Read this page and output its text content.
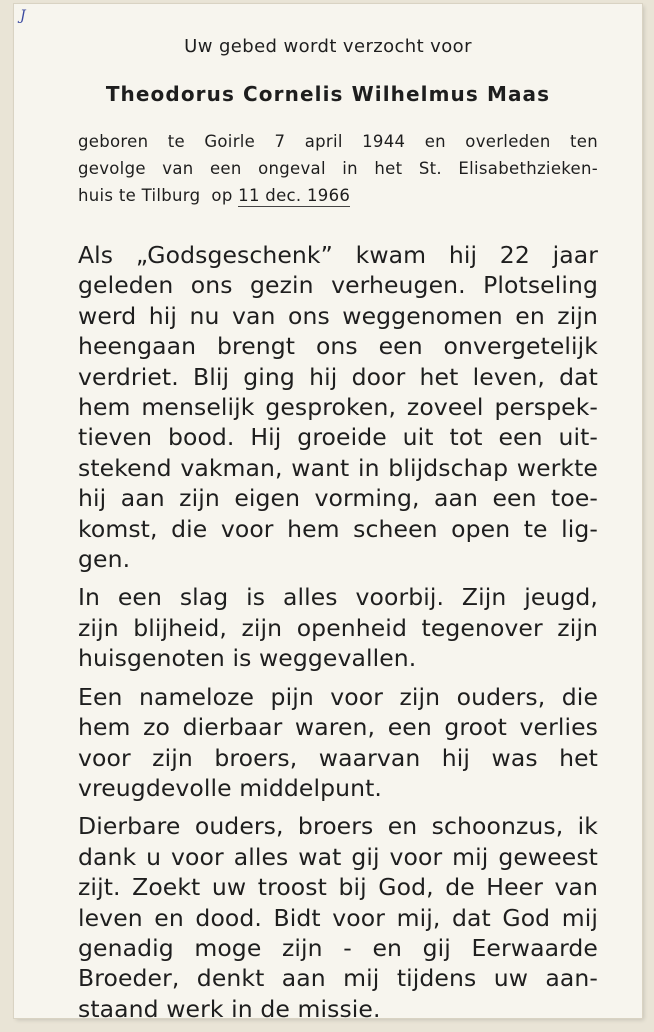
J
Uw gebed wordt verzocht voor
Theodorus Cornelis Wilhelmus Maas
geboren te Goirle 7 april 1944 en overleden ten
gevolge van een ongeval in het St. Elisabethzieken-
huis te Tilburg  op 11 dec. 1966
Als „Godsgeschenk” kwam hij 22 jaar
geleden ons gezin verheugen. Plotseling
werd hij nu van ons weggenomen en zijn
heengaan brengt ons een onvergetelijk
verdriet. Blij ging hij door het leven, dat
hem menselijk gesproken, zoveel perspek-
tieven bood. Hij groeide uit tot een uit-
stekend vakman, want in blijdschap werkte
hij aan zijn eigen vorming, aan een toe-
komst, die voor hem scheen open te lig-
gen.
In een slag is alles voorbij. Zijn jeugd,
zijn blijheid, zijn openheid tegenover zijn
huisgenoten is weggevallen.
Een nameloze pijn voor zijn ouders, die
hem zo dierbaar waren, een groot verlies
voor zijn broers, waarvan hij was het
vreugdevolle middelpunt.
Dierbare ouders, broers en schoonzus, ik
dank u voor alles wat gij voor mij geweest
zijt. Zoekt uw troost bij God, de Heer van
leven en dood. Bidt voor mij, dat God mij
genadig moge zijn - en gij Eerwaarde
Broeder, denkt aan mij tijdens uw aan-
staand werk in de missie.
